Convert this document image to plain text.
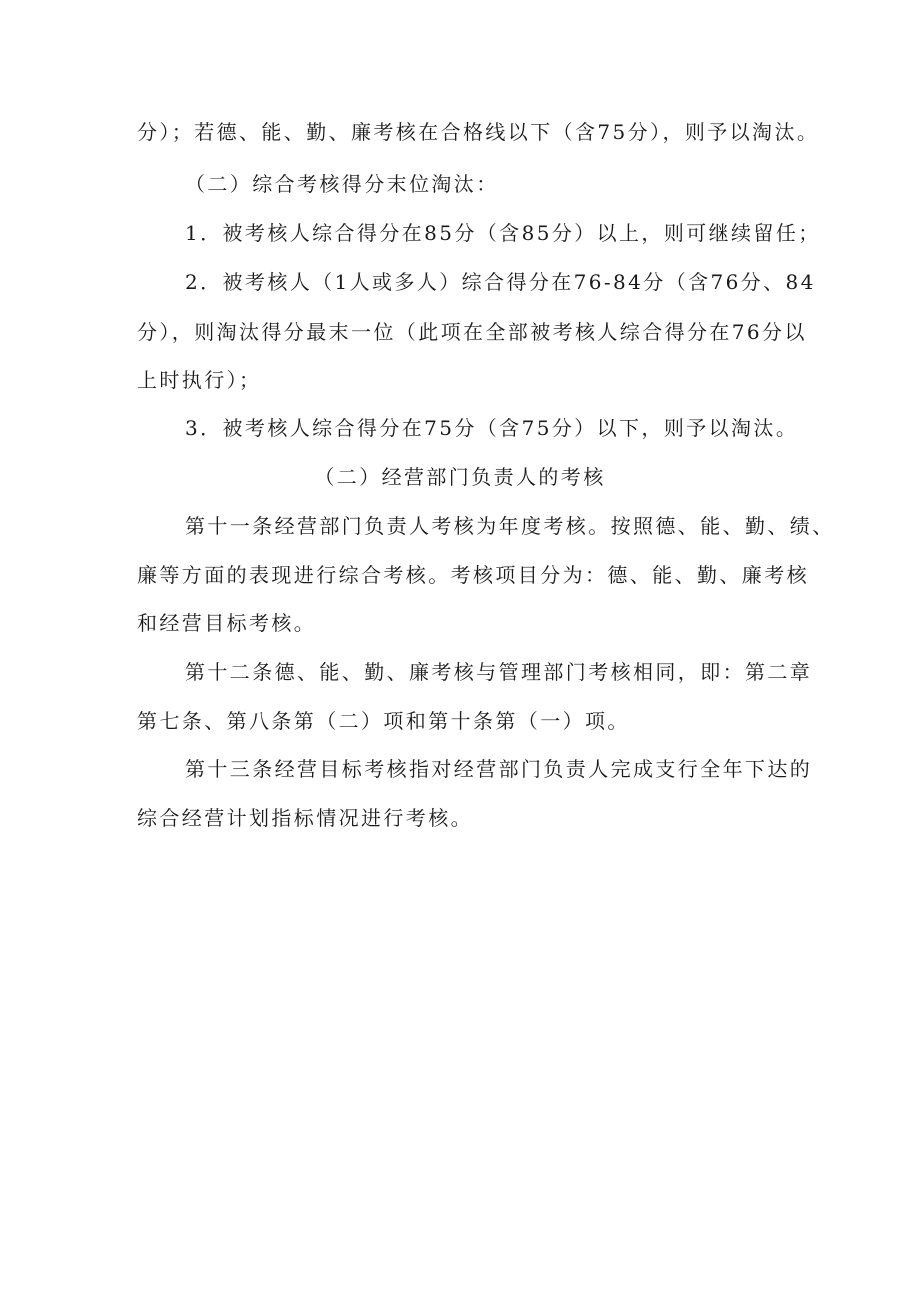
分）；若德、能、勤、廉考核在合格线以下（含75分），则予以淘汰。
（二）综合考核得分末位淘汰：
1．被考核人综合得分在85分（含85分）以上，则可继续留任；
2．被考核人（1人或多人）综合得分在76-84分（含76分、84
分），则淘汰得分最末一位（此项在全部被考核人综合得分在76分以
上时执行）；
3．被考核人综合得分在75分（含75分）以下，则予以淘汰。
（二）经营部门负责人的考核
第十一条经营部门负责人考核为年度考核。按照德、能、勤、绩、
廉等方面的表现进行综合考核。考核项目分为：德、能、勤、廉考核
和经营目标考核。
第十二条德、能、勤、廉考核与管理部门考核相同，即：第二章
第七条、第八条第（二）项和第十条第（一）项。
第十三条经营目标考核指对经营部门负责人完成支行全年下达的
综合经营计划指标情况进行考核。
